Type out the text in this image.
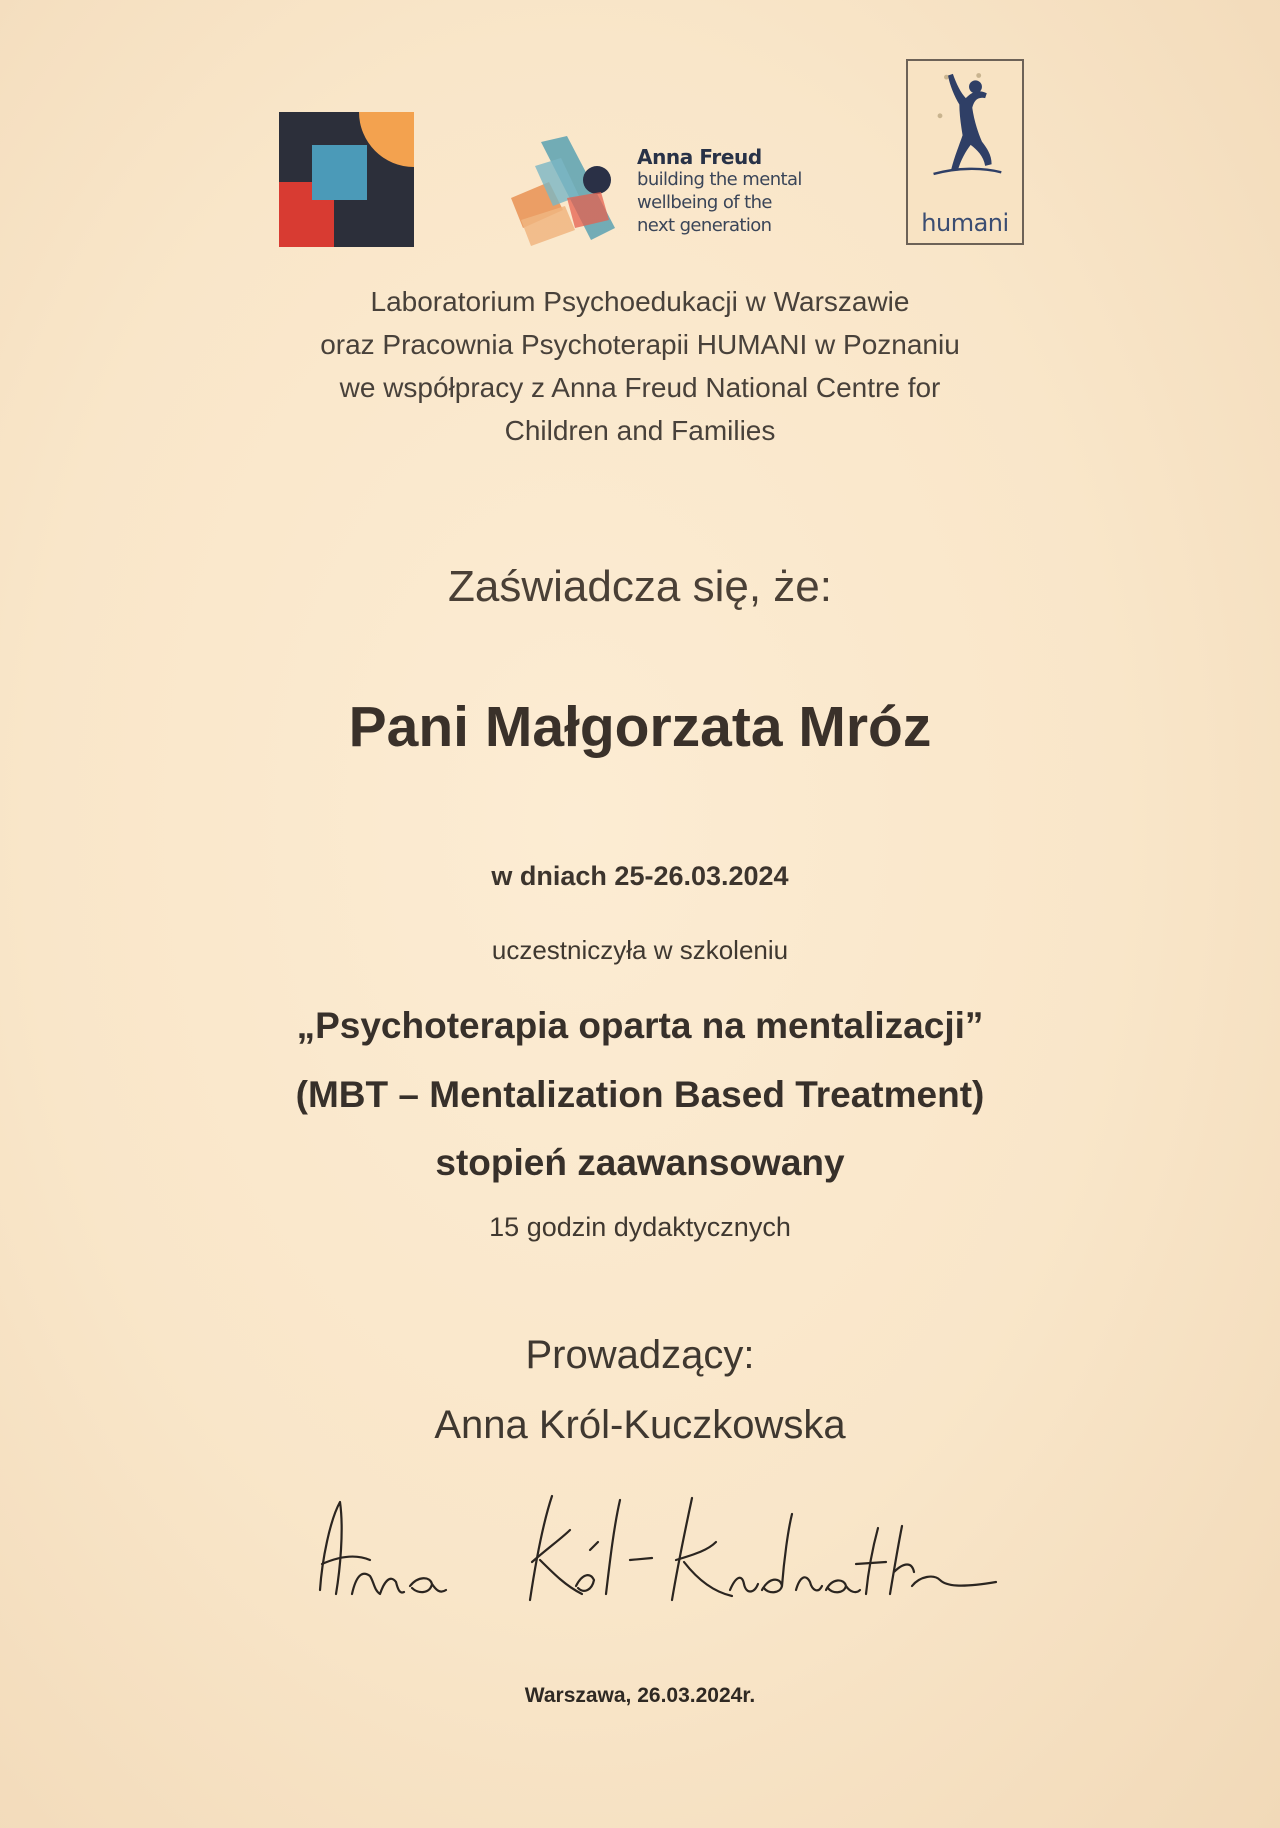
Anna Freud
building the mental
wellbeing of the
next generation	humani
Laboratorium Psychoedukacji w Warszawie
oraz Pracownia Psychoterapii HUMANI w Poznaniu
we współpracy z Anna Freud National Centre for
Children and Families
Zaświadcza się, że:
Pani Małgorzata Mróz
w dniach 25-26.03.2024
uczestniczyła w szkoleniu
„Psychoterapia oparta na mentalizacji”
(MBT – Mentalization Based Treatment)
stopień zaawansowany
15 godzin dydaktycznych
Prowadzący:
Anna Król-Kuczkowska
Warszawa, 26.03.2024r.
